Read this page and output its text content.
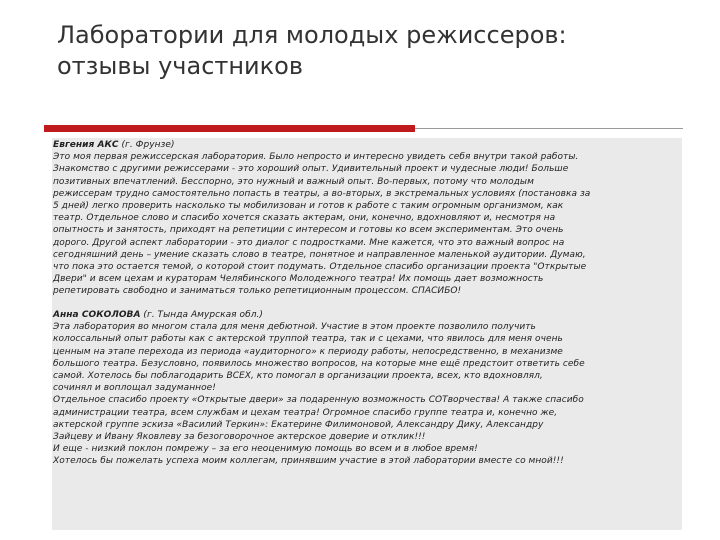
Лаборатории для молодых режиссеров:
отзывы участников

Евгения АКС (г. Фрунзе)

Это моя первая режиссерская лаборатория. Было непросто и интересно увидеть себя внутри такой работы.

Знакомство с другими режиссерами - это хороший опыт. Удивительный проект и чудесные люди! Больше

позитивных впечатлений. Бесспорно, это нужный и важный опыт. Во-первых, потому что молодым

режиссерам трудно самостоятельно попасть в театры, а во-вторых, в экстремальных условиях (постановка за

5 дней) легко проверить насколько ты мобилизован и готов к работе с таким огромным организмом, как

театр. Отдельное слово и спасибо хочется сказать актерам, они, конечно, вдохновляют и, несмотря на

опытность и занятость, приходят на репетиции с интересом и готовы ко всем экспериментам. Это очень

дорого. Другой аспект лаборатории - это диалог с подростками. Мне кажется, что это важный вопрос на

сегодняшний день – умение сказать слово в театре, понятное и направленное маленькой аудитории. Думаю,

что пока это остается темой, о которой стоит подумать. Отдельное спасибо организации проекта "Открытые

Двери" и всем цехам и кураторам Челябинского Молодежного театра! Их помощь дает возможность

репетировать свободно и заниматься только репетиционным процессом. СПАСИБО!

Анна СОКОЛОВА (г. Тында Амурская обл.)

Эта лаборатория во многом стала для меня дебютной. Участие в этом проекте позволило получить

колоссальный опыт работы как с актерской труппой театра, так и с цехами, что явилось для меня очень

ценным на этапе перехода из периода «аудиторного» к периоду работы, непосредственно, в механизме

большого театра. Безусловно, появилось множество вопросов, на которые мне ещё предстоит ответить себе

самой. Хотелось бы поблагодарить ВСЕХ, кто помогал в организации проекта, всех, кто вдохновлял,

сочинял и воплощал задуманное!

Отдельное спасибо проекту «Открытые двери» за подаренную возможность СОТворчества! А также спасибо

администрации театра, всем службам и цехам театра! Огромное спасибо группе театра и, конечно же,

актерской группе эскиза «Василий Теркин»: Екатерине Филимоновой, Александру Дику, Александру

Зайцеву и Ивану Яковлеву за безоговорочное актерское доверие и отклик!!!

И еще - низкий поклон помрежу – за его неоценимую помощь во всем и в любое время!

Хотелось бы пожелать успеха моим коллегам, принявшим участие в этой лаборатории вместе со мной!!!
